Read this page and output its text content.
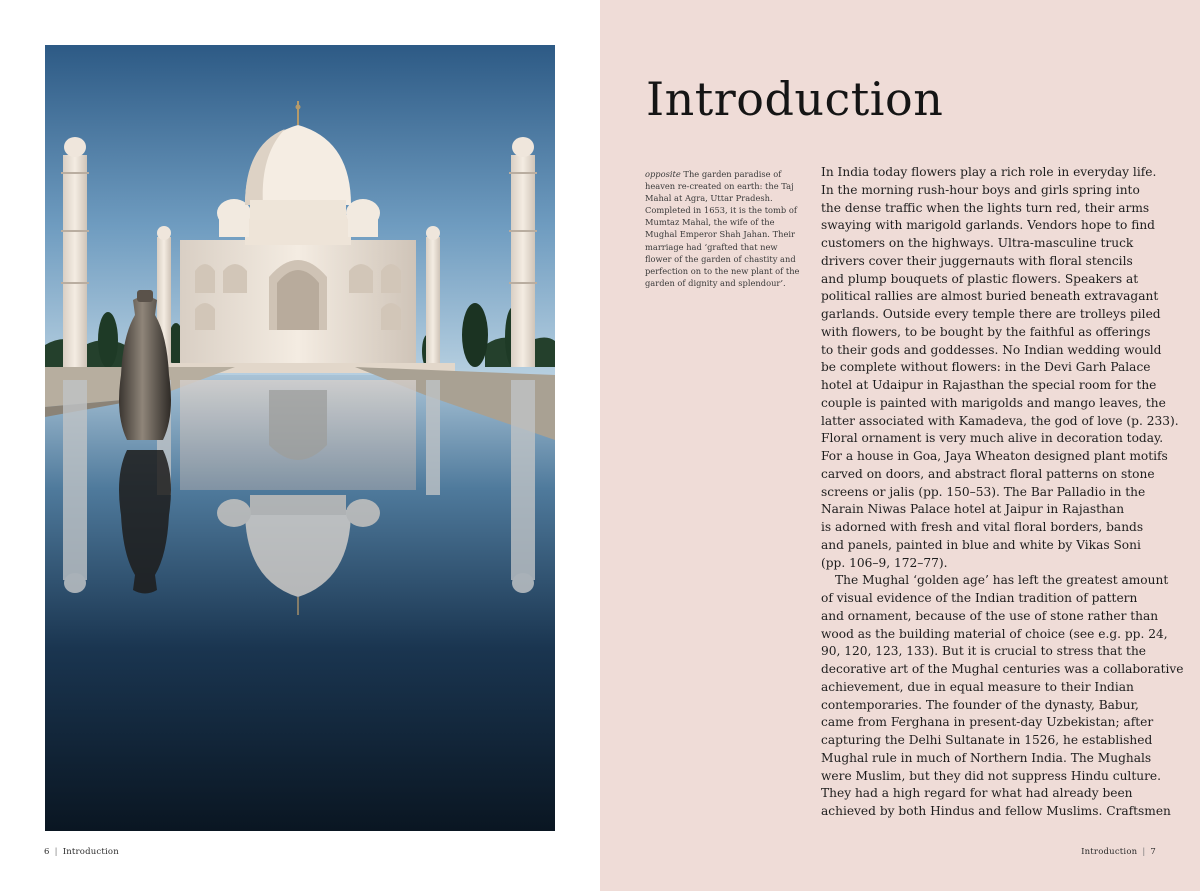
6 | Introduction
Introduction
opposite The garden paradise of heaven re-created on earth: the Taj Mahal at Agra, Uttar Pradesh. Completed in 1653, it is the tomb of Mumtaz Mahal, the wife of the Mughal Emperor Shah Jahan. Their marriage had ‘grafted that new flower of the garden of chastity and perfection on to the new plant of the garden of dignity and splendour’.
In India today flowers play a rich role in everyday life.
In the morning rush-hour boys and girls spring into
the dense traffic when the lights turn red, their arms
swaying with marigold garlands. Vendors hope to find
customers on the highways. Ultra-masculine truck
drivers cover their juggernauts with floral stencils
and plump bouquets of plastic flowers. Speakers at
political rallies are almost buried beneath extravagant
garlands. Outside every temple there are trolleys piled
with flowers, to be bought by the faithful as offerings
to their gods and goddesses. No Indian wedding would
be complete without flowers: in the Devi Garh Palace
hotel at Udaipur in Rajasthan the special room for the
couple is painted with marigolds and mango leaves, the
latter associated with Kamadeva, the god of love (p. 233).
Floral ornament is very much alive in decoration today.
For a house in Goa, Jaya Wheaton designed plant motifs
carved on doors, and abstract floral patterns on stone
screens or jalis (pp. 150–53). The Bar Palladio in the
Narain Niwas Palace hotel at Jaipur in Rajasthan
is adorned with fresh and vital floral borders, bands
and panels, painted in blue and white by Vikas Soni
(pp. 106–9, 172–77).
The Mughal ‘golden age’ has left the greatest amount
of visual evidence of the Indian tradition of pattern
and ornament, because of the use of stone rather than
wood as the building material of choice (see e.g. pp. 24,
90, 120, 123, 133). But it is crucial to stress that the
decorative art of the Mughal centuries was a collaborative
achievement, due in equal measure to their Indian
contemporaries. The founder of the dynasty, Babur,
came from Ferghana in present-day Uzbekistan; after
capturing the Delhi Sultanate in 1526, he established
Mughal rule in much of Northern India. The Mughals
were Muslim, but they did not suppress Hindu culture.
They had a high regard for what had already been
achieved by both Hindus and fellow Muslims. Craftsmen
Introduction | 7
